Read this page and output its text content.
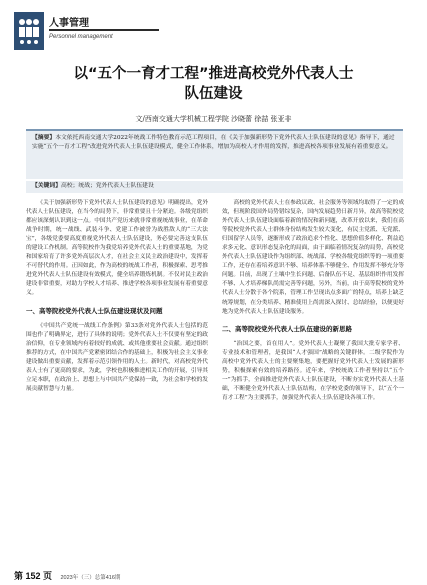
人事管理
Personnel management
以“五个一育才工程”推进高校党外代表人士
队伍建设
文/西南交通大学机械工程学院 沙晓蕾 徐喆 张亚非
【摘要】本文依托西南交通大学2022年统战工作特色教育示范工程项目，在《关于加强新形势下党外代表人士队伍建设的意见》指导下，通过实施“五个一育才工程”改进党外代表人士队伍建设模式，健全工作体系，增加为高校人才作用的发挥，推进高校各项事业发展有着重要意义。
【关键词】高校；统战；党外代表人士队伍建设

《关于加强新形势下党外代表人士队伍建设的意见》明确提出，党外代表人士队伍建设，在当今的局势下，非常重要且十分紧迫。各级党组织都应该深刻认识到这一点。中国共产党历来就非常重视统战事业，在革命战争时期，统一战线、武装斗争、党建工作被誉为战胜敌人的“三大法宝”，各级党委要高度重视党外代表人士队伍建设，务必要完善这支队伍的建设工作机制。高等院校作为我党培养党外代表人士的重要基地，为党和国家培育了许多党外高层次人才，在社会主义民主政治建设中，发挥着不可替代的作用。正因如此，作为高校的统战工作者，积极探索、思考推进党外代表人士队伍建设有效模式，健全培养锻炼机制。不仅对民主政治建设非常重要，对助力学校人才培养、推进学校各项事业发展有着重要意义。

一、高等院校党外代表人士队伍建设现状及问题

《中国共产党统一战线工作条例》第33条对党外代表人士包括的范围也作了明确界定，进行了具体的说明；党外代表人士不仅要有坚定的政治信仰，在专业领域内有着较好的成就、或其他重要社会贡献。通过组织推荐的方式，在中国共产党紧密团结合作的基础上，积极为社会主义事业建设做出重要贡献，发挥着示范引领作用的人士。新时代，对高校党外代表人士有了更高的要求，为此，学校也积极推进相关工作的开展，引导其立足本职，在政治上、思想上与中国共产党保持一致，为社会和学校的发展贡献智慧与力量。

高校的党外代表人士在参政议政、社会服务等领域均取得了一定的成效，但现阶段国外局势错综复杂，国内发展趋势日新月异，故高等院校党外代表人士队伍建设面临着新的情况和新问题，改革开放以来，我们在高等院校党外代表人士群体身份结构发生较大变化，有民主党派、无党派、归国留学人员等，逐渐形成了政治追求个性化、思想价值多样化、利益追求多元化、意识形态复杂化的局面，由于面临着情况复杂的局势，高校党外代表人士队伍建设作为组织部、统战部、学校各级党组织等的一项重要工作，还存在着培养意识不够、培养体系不够健全、作用发挥不够充分等问题。目前，出现了土壤中生长问题、后备队伍不足、基层组织作用发挥不够、人才培养梯队尚需完善等问题，另外，当前，由于高等院校的党外代表人士分散于各个院系，管理工作呈现出点多面广的特点，培养上缺乏统筹规划，在分类培养、精准使用上尚需深入探讨、总结经验，以便更好地为党外代表人士队伍建设服务。

二、高等院校党外代表人士队伍建设的新思路

“治国之要，首在用人”。党外代表人士凝聚了我国大批专家学者、专业技术和管理者，是我国“人才强国”战略的关键群体。二级学院作为高校中党外代表人士的主要聚集地，要把握好党外代表人士发展的新形势，积极探索有效的培养路径。近年来，学校统战工作者坚持以“五个一”为抓手，全面推进党外代表人士队伍建设，不断夯实党外代表人士基础，不断健全党外代表人士队伍结构，在学校党委的领导下，以“五个一育才工程”为主要抓手，加强党外代表人士队伍建设各项工作。

第 152 页 2023年（三）总第416期
